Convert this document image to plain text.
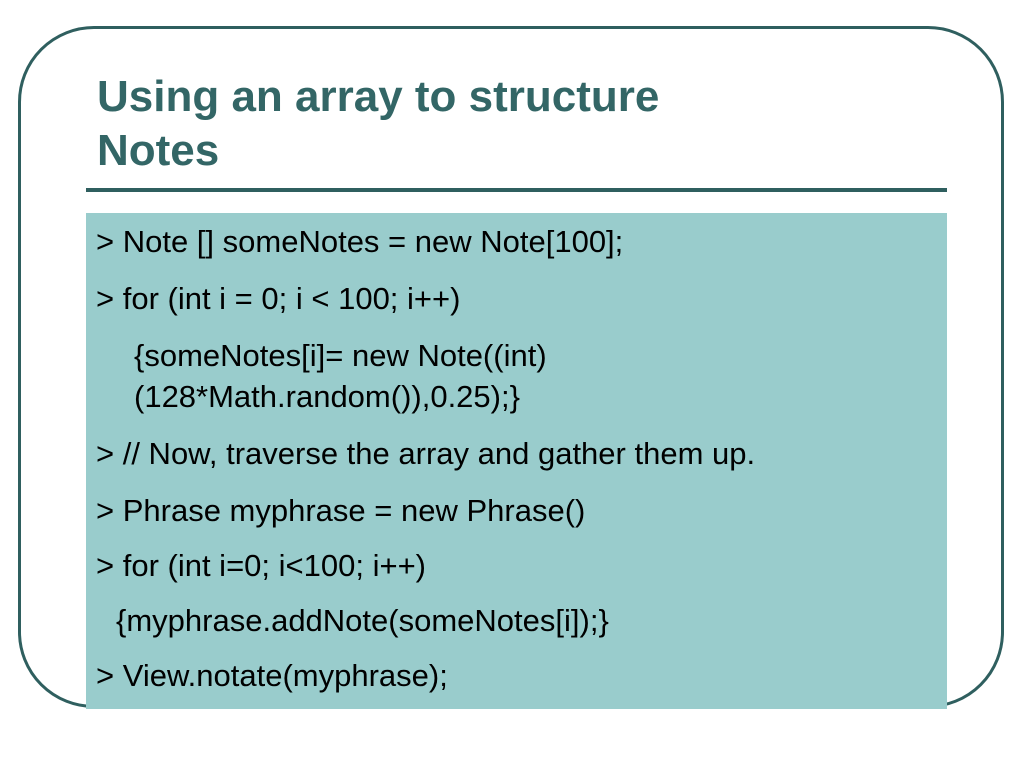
Using an array to structure
Notes
> Note [] someNotes = new Note[100];
> for (int i = 0; i < 100; i++)
{someNotes[i]= new Note((int)
(128*Math.random()),0.25);}
> // Now, traverse the array and gather them up.
> Phrase myphrase = new Phrase()
> for (int i=0; i<100; i++)
{myphrase.addNote(someNotes[i]);}
> View.notate(myphrase);
